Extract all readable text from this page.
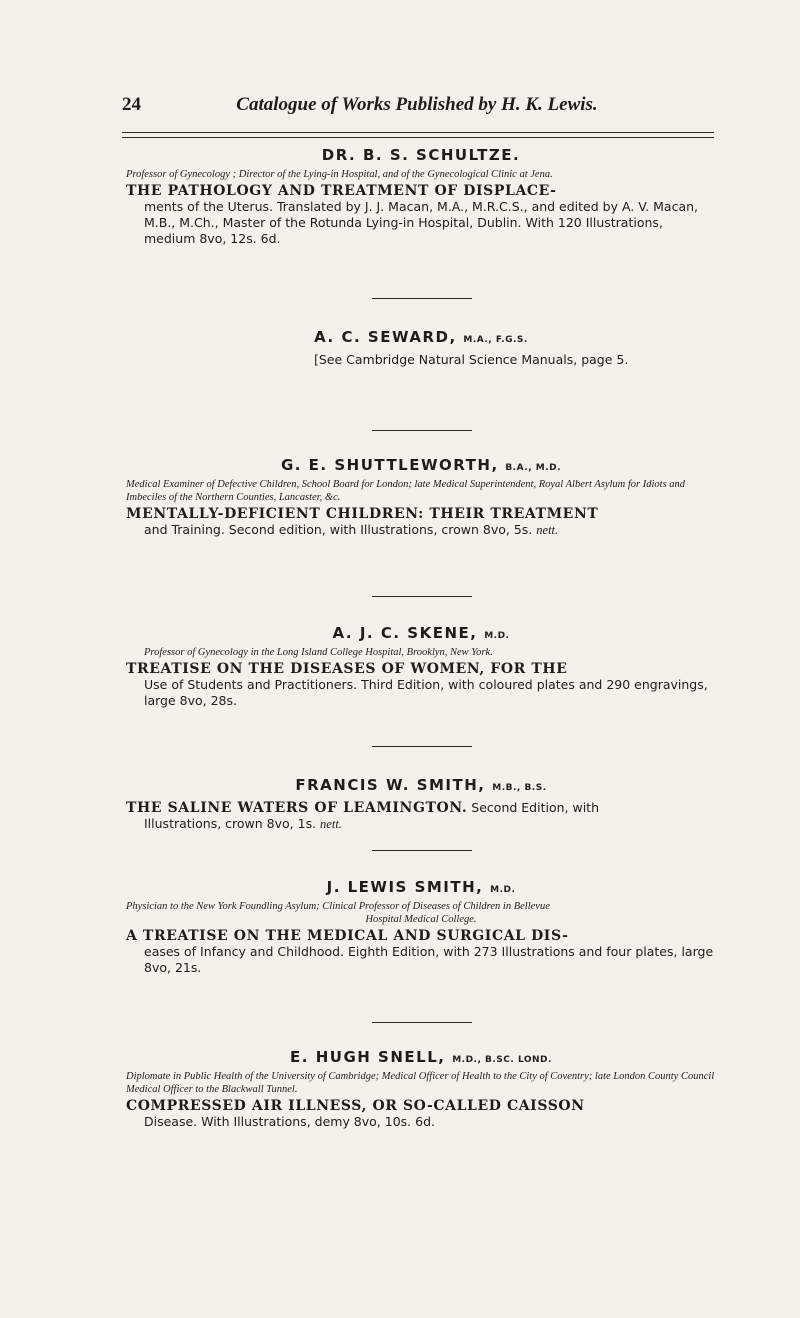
24	Catalogue of Works Published by H. K. Lewis.
DR. B. S. SCHULTZE.
Professor of Gynecology ; Director of the Lying-in Hospital, and of the Gynecological Clinic at Jena.
THE PATHOLOGY AND TREATMENT OF DISPLACE-
ments of the Uterus. Translated by J. J. Macan, M.A., M.R.C.S., and edited by A. V. Macan, M.B., M.Ch., Master of the Rotunda Lying-in Hospital, Dublin. With 120 Illustrations, medium 8vo, 12s. 6d.
A. C. SEWARD, M.A., F.G.S.
[See Cambridge Natural Science Manuals, page 5.
G. E. SHUTTLEWORTH, B.A., M.D.
Medical Examiner of Defective Children, School Board for London; late Medical Superintendent, Royal Albert Asylum for Idiots and Imbeciles of the Northern Counties, Lancaster, &c.
MENTALLY-DEFICIENT CHILDREN: THEIR TREATMENT
and Training. Second edition, with Illustrations, crown 8vo, 5s. nett.
A. J. C. SKENE, M.D.
Professor of Gynecology in the Long Island College Hospital, Brooklyn, New York.
TREATISE ON THE DISEASES OF WOMEN, FOR THE
Use of Students and Practitioners. Third Edition, with coloured plates and 290 engravings, large 8vo, 28s.
FRANCIS W. SMITH, M.B., B.S.
THE SALINE WATERS OF LEAMINGTON. Second Edition, with
Illustrations, crown 8vo, 1s. nett.
J. LEWIS SMITH, M.D.
Physician to the New York Foundling Asylum; Clinical Professor of Diseases of Children in Bellevue
Hospital Medical College.
A TREATISE ON THE MEDICAL AND SURGICAL DIS-
eases of Infancy and Childhood. Eighth Edition, with 273 Illustrations and four plates, large 8vo, 21s.
E. HUGH SNELL, M.D., B.SC. LOND.
Diplomate in Public Health of the University of Cambridge; Medical Officer of Health to the City of Coventry; late London County Council Medical Officer to the Blackwall Tunnel.
COMPRESSED AIR ILLNESS, OR SO-CALLED CAISSON
Disease. With Illustrations, demy 8vo, 10s. 6d.
